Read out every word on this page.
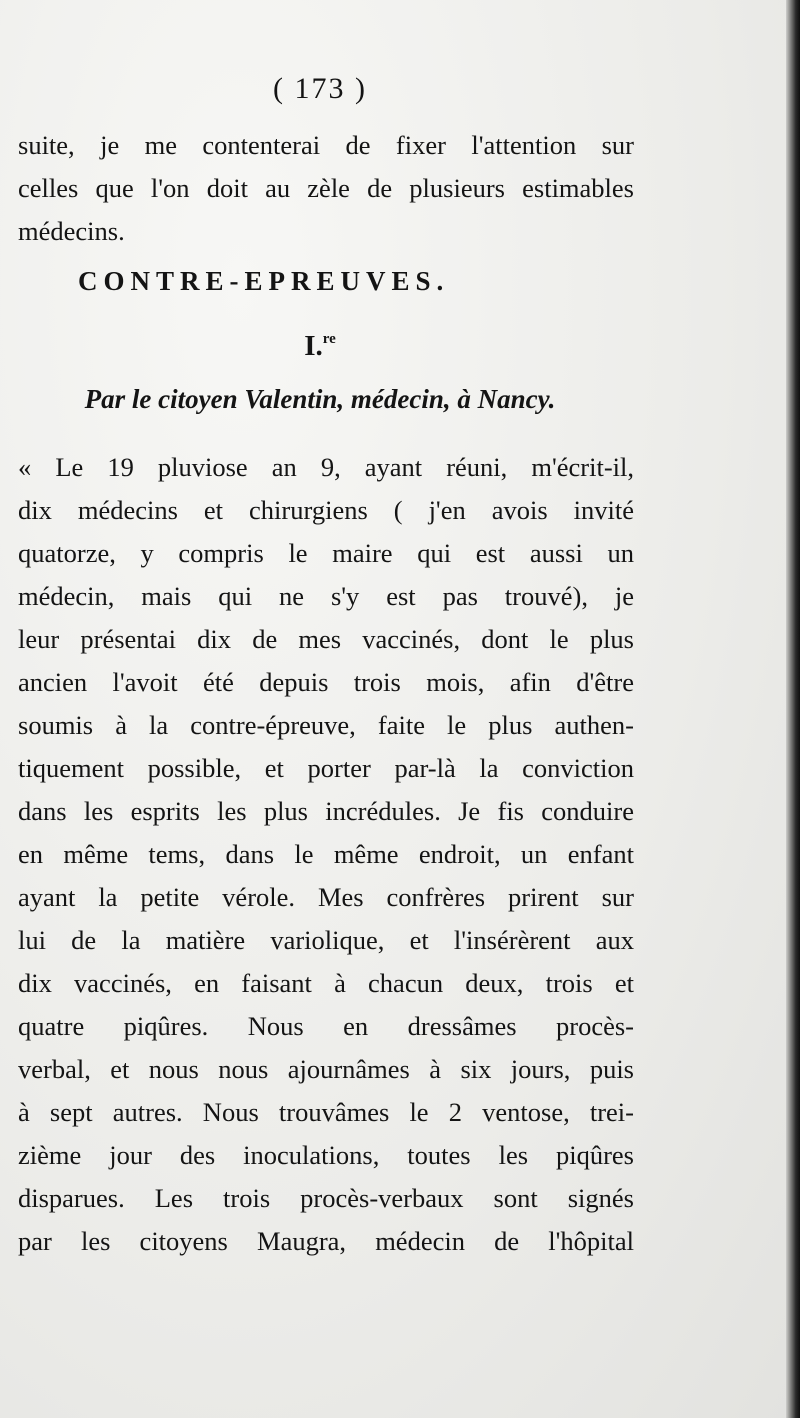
( 173 )
suite, je me contenterai de fixer l'attention sur
celles que l'on doit au zèle de plusieurs estimables
médecins.
CONTRE-EPREUVES.
I.$^{re}$
Par le citoyen Valentin, médecin, à Nancy.
« Le 19 pluviose an 9, ayant réuni, m'écrit-il,
dix médecins et chirurgiens ( j'en avois invité
quatorze, y compris le maire qui est aussi un
médecin, mais qui ne s'y est pas trouvé), je
leur présentai dix de mes vaccinés, dont le plus
ancien l'avoit été depuis trois mois, afin d'être
soumis à la contre-épreuve, faite le plus authen-
tiquement possible, et porter par-là la conviction
dans les esprits les plus incrédules. Je fis conduire
en même tems, dans le même endroit, un enfant
ayant la petite vérole. Mes confrères prirent sur
lui de la matière variolique, et l'insérèrent aux
dix vaccinés, en faisant à chacun deux, trois et
quatre piqûres. Nous en dressâmes procès-
verbal, et nous nous ajournâmes à six jours, puis
à sept autres. Nous trouvâmes le 2 ventose, trei-
zième jour des inoculations, toutes les piqûres
disparues. Les trois procès-verbaux sont signés
par les citoyens Maugra, médecin de l'hôpital
